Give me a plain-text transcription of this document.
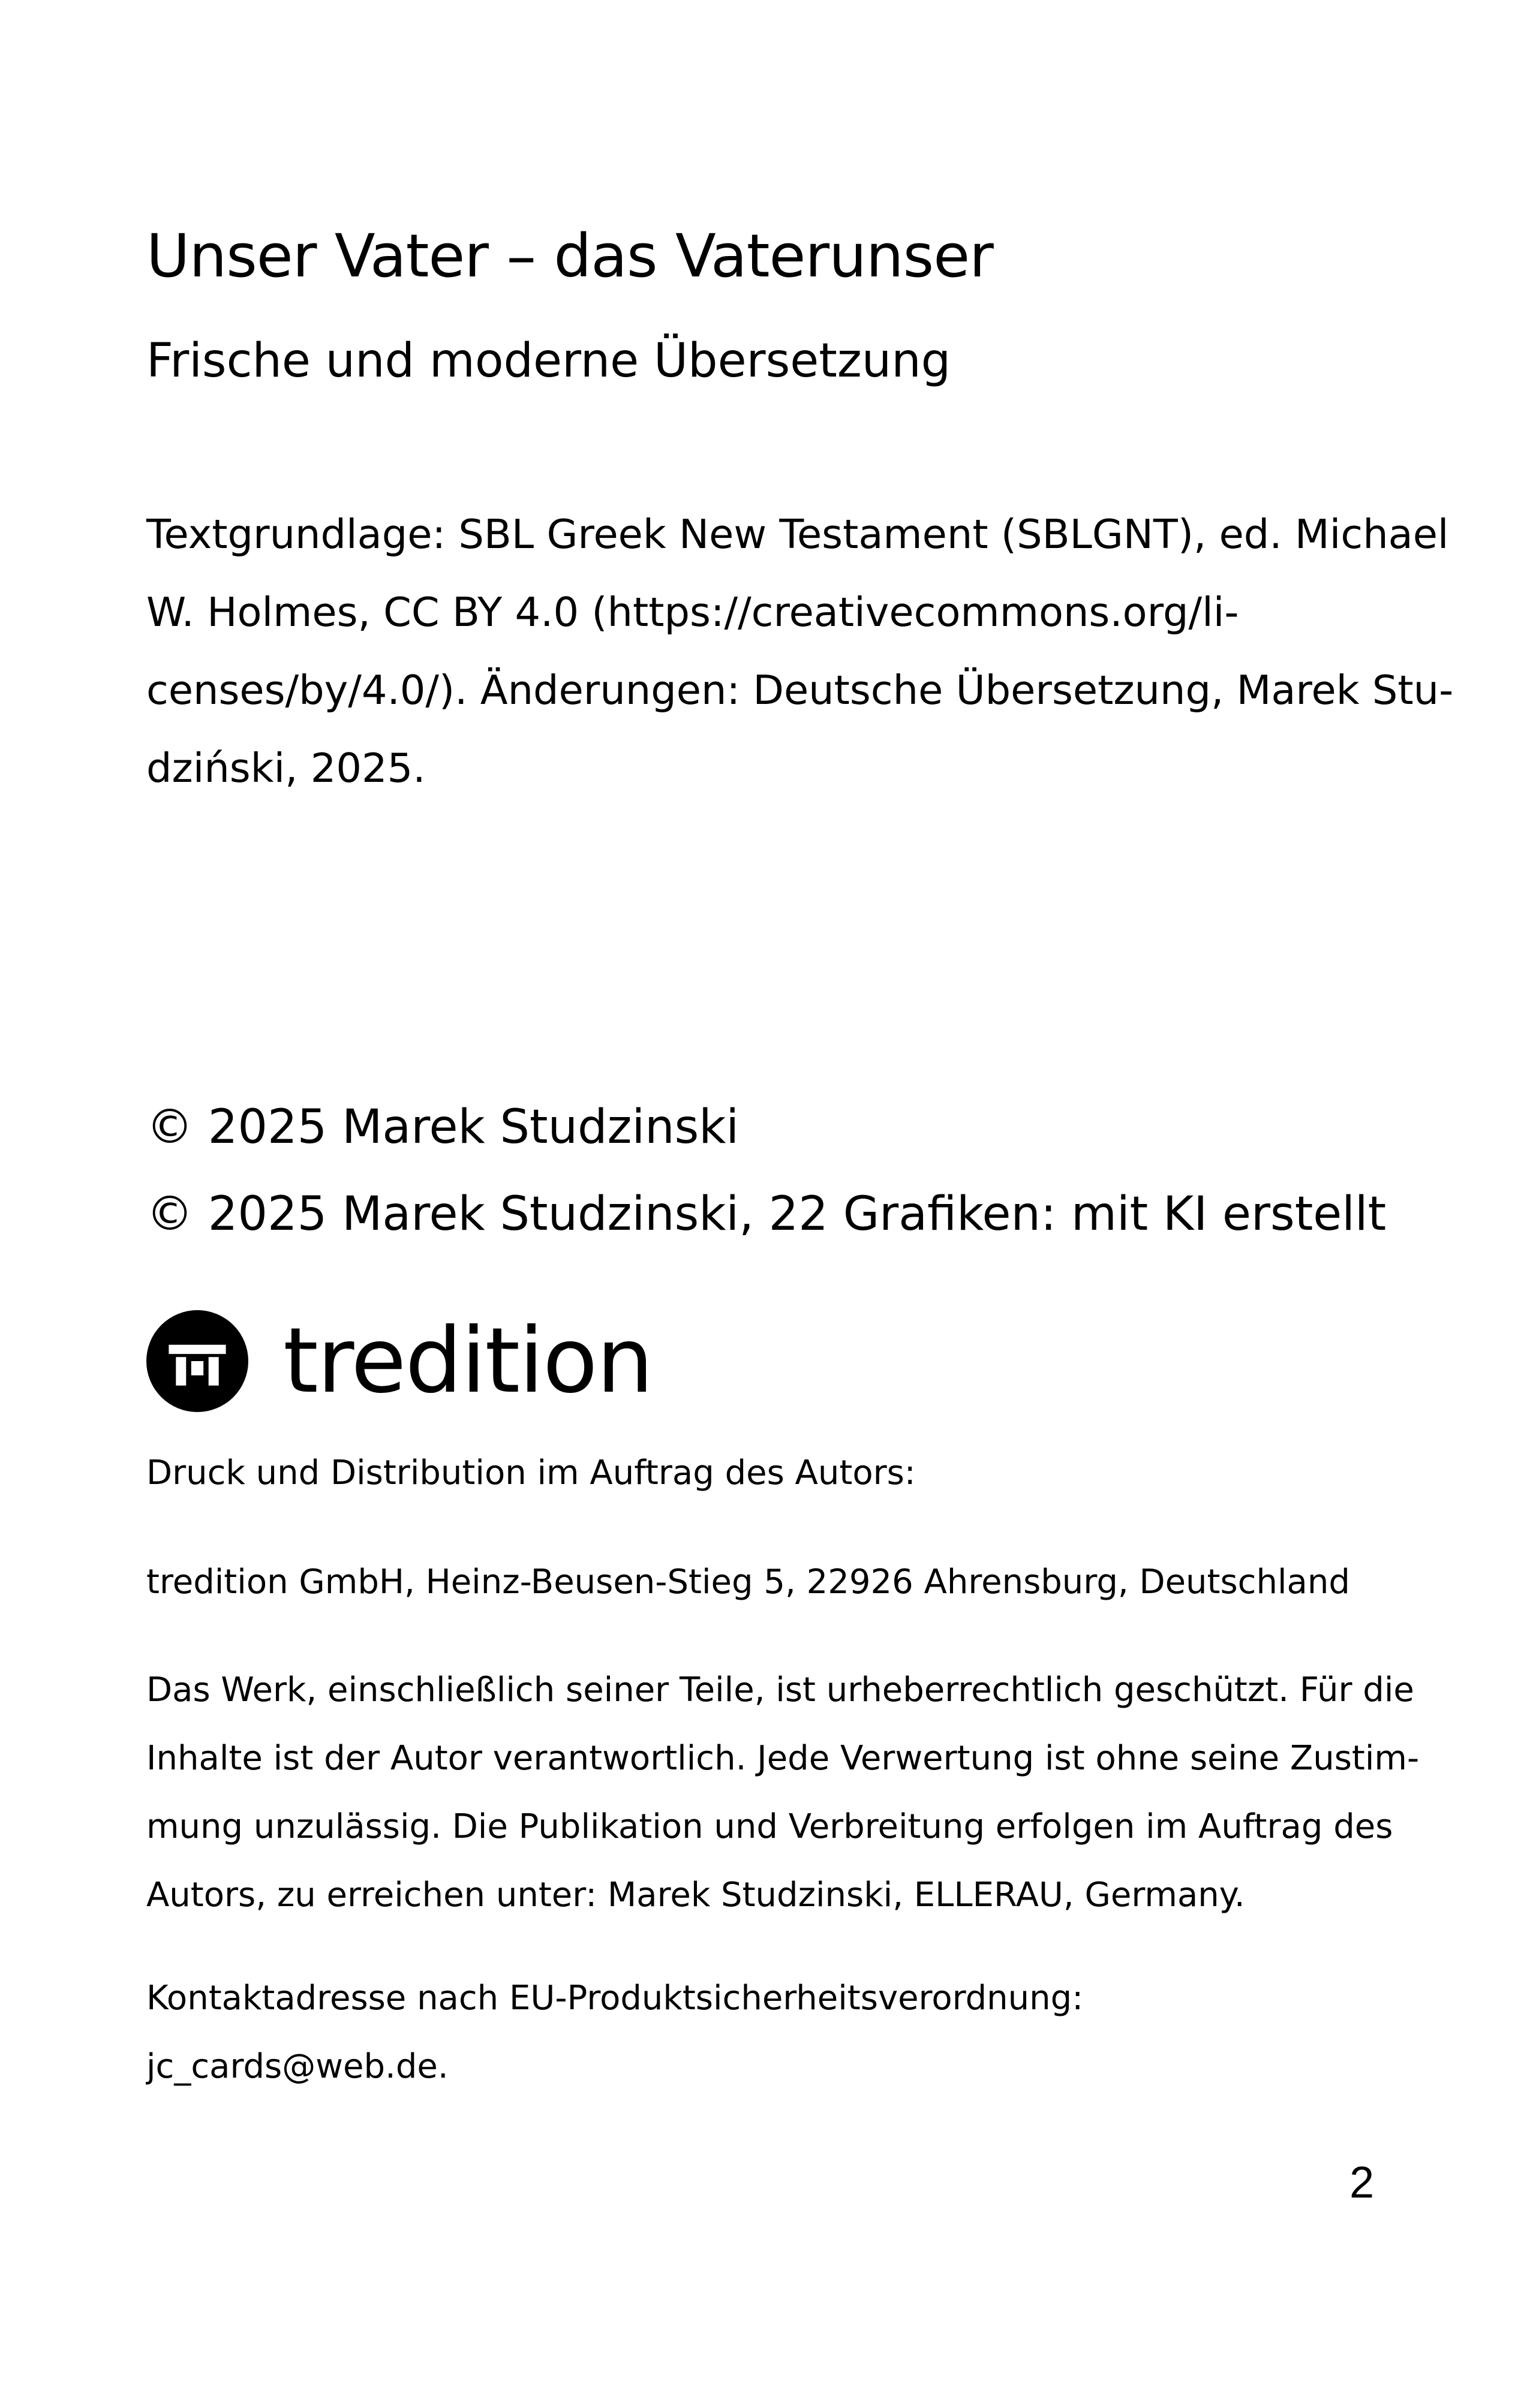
Unser Vater – das Vaterunser
Frische und moderne Übersetzung
Textgrundlage: SBL Greek New Testament (SBLGNT), ed. Michael
W. Holmes, CC BY 4.0 (https://creativecommons.org/li-
censes/by/4.0/). Änderungen: Deutsche Übersetzung, Marek Stu-
dziński, 2025.
© 2025 Marek Studzinski
© 2025 Marek Studzinski, 22 Grafiken: mit KI erstellt
tredition
Druck und Distribution im Auftrag des Autors:
tredition GmbH, Heinz-Beusen-Stieg 5, 22926 Ahrensburg, Deutschland
Das Werk, einschließlich seiner Teile, ist urheberrechtlich geschützt. Für die
Inhalte ist der Autor verantwortlich. Jede Verwertung ist ohne seine Zustim-
mung unzulässig. Die Publikation und Verbreitung erfolgen im Auftrag des
Autors, zu erreichen unter: Marek Studzinski, ELLERAU, Germany.
Kontaktadresse nach EU-Produktsicherheitsverordnung:
jc_cards@web.de.
2
